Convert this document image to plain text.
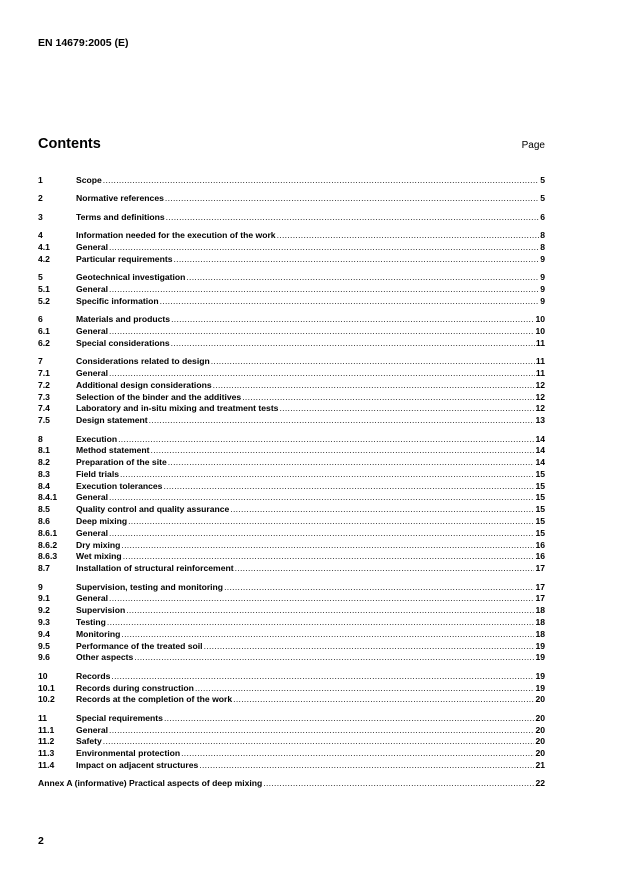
EN 14679:2005 (E)
Contents	Page
1	Scope .....	5
2	Normative references .....	5
3	Terms and definitions .....	6
4	Information needed for the execution of the work .....	8
4.1	General .....	8
4.2	Particular requirements .....	9
5	Geotechnical investigation .....	9
5.1	General .....	9
5.2	Specific information .....	9
6	Materials and products .....	10
6.1	General .....	10
6.2	Special considerations .....	11
7	Considerations related to design .....	11
7.1	General .....	11
7.2	Additional design considerations .....	12
7.3	Selection of the binder and the additives .....	12
7.4	Laboratory and in-situ mixing and treatment tests .....	12
7.5	Design statement .....	13
8	Execution .....	14
8.1	Method statement .....	14
8.2	Preparation of the site .....	14
8.3	Field trials .....	15
8.4	Execution tolerances .....	15
8.4.1	General .....	15
8.5	Quality control and quality assurance .....	15
8.6	Deep mixing .....	15
8.6.1	General .....	15
8.6.2	Dry mixing .....	16
8.6.3	Wet mixing .....	16
8.7	Installation of structural reinforcement .....	17
9	Supervision, testing and monitoring .....	17
9.1	General .....	17
9.2	Supervision .....	18
9.3	Testing .....	18
9.4	Monitoring .....	18
9.5	Performance of the treated soil .....	19
9.6	Other aspects .....	19
10	Records .....	19
10.1	Records during construction .....	19
10.2	Records at the completion of the work .....	20
11	Special requirements .....	20
11.1	General .....	20
11.2	Safety .....	20
11.3	Environmental protection .....	20
11.4	Impact on adjacent structures .....	21
Annex A (informative) Practical aspects of deep mixing .....	22
2
